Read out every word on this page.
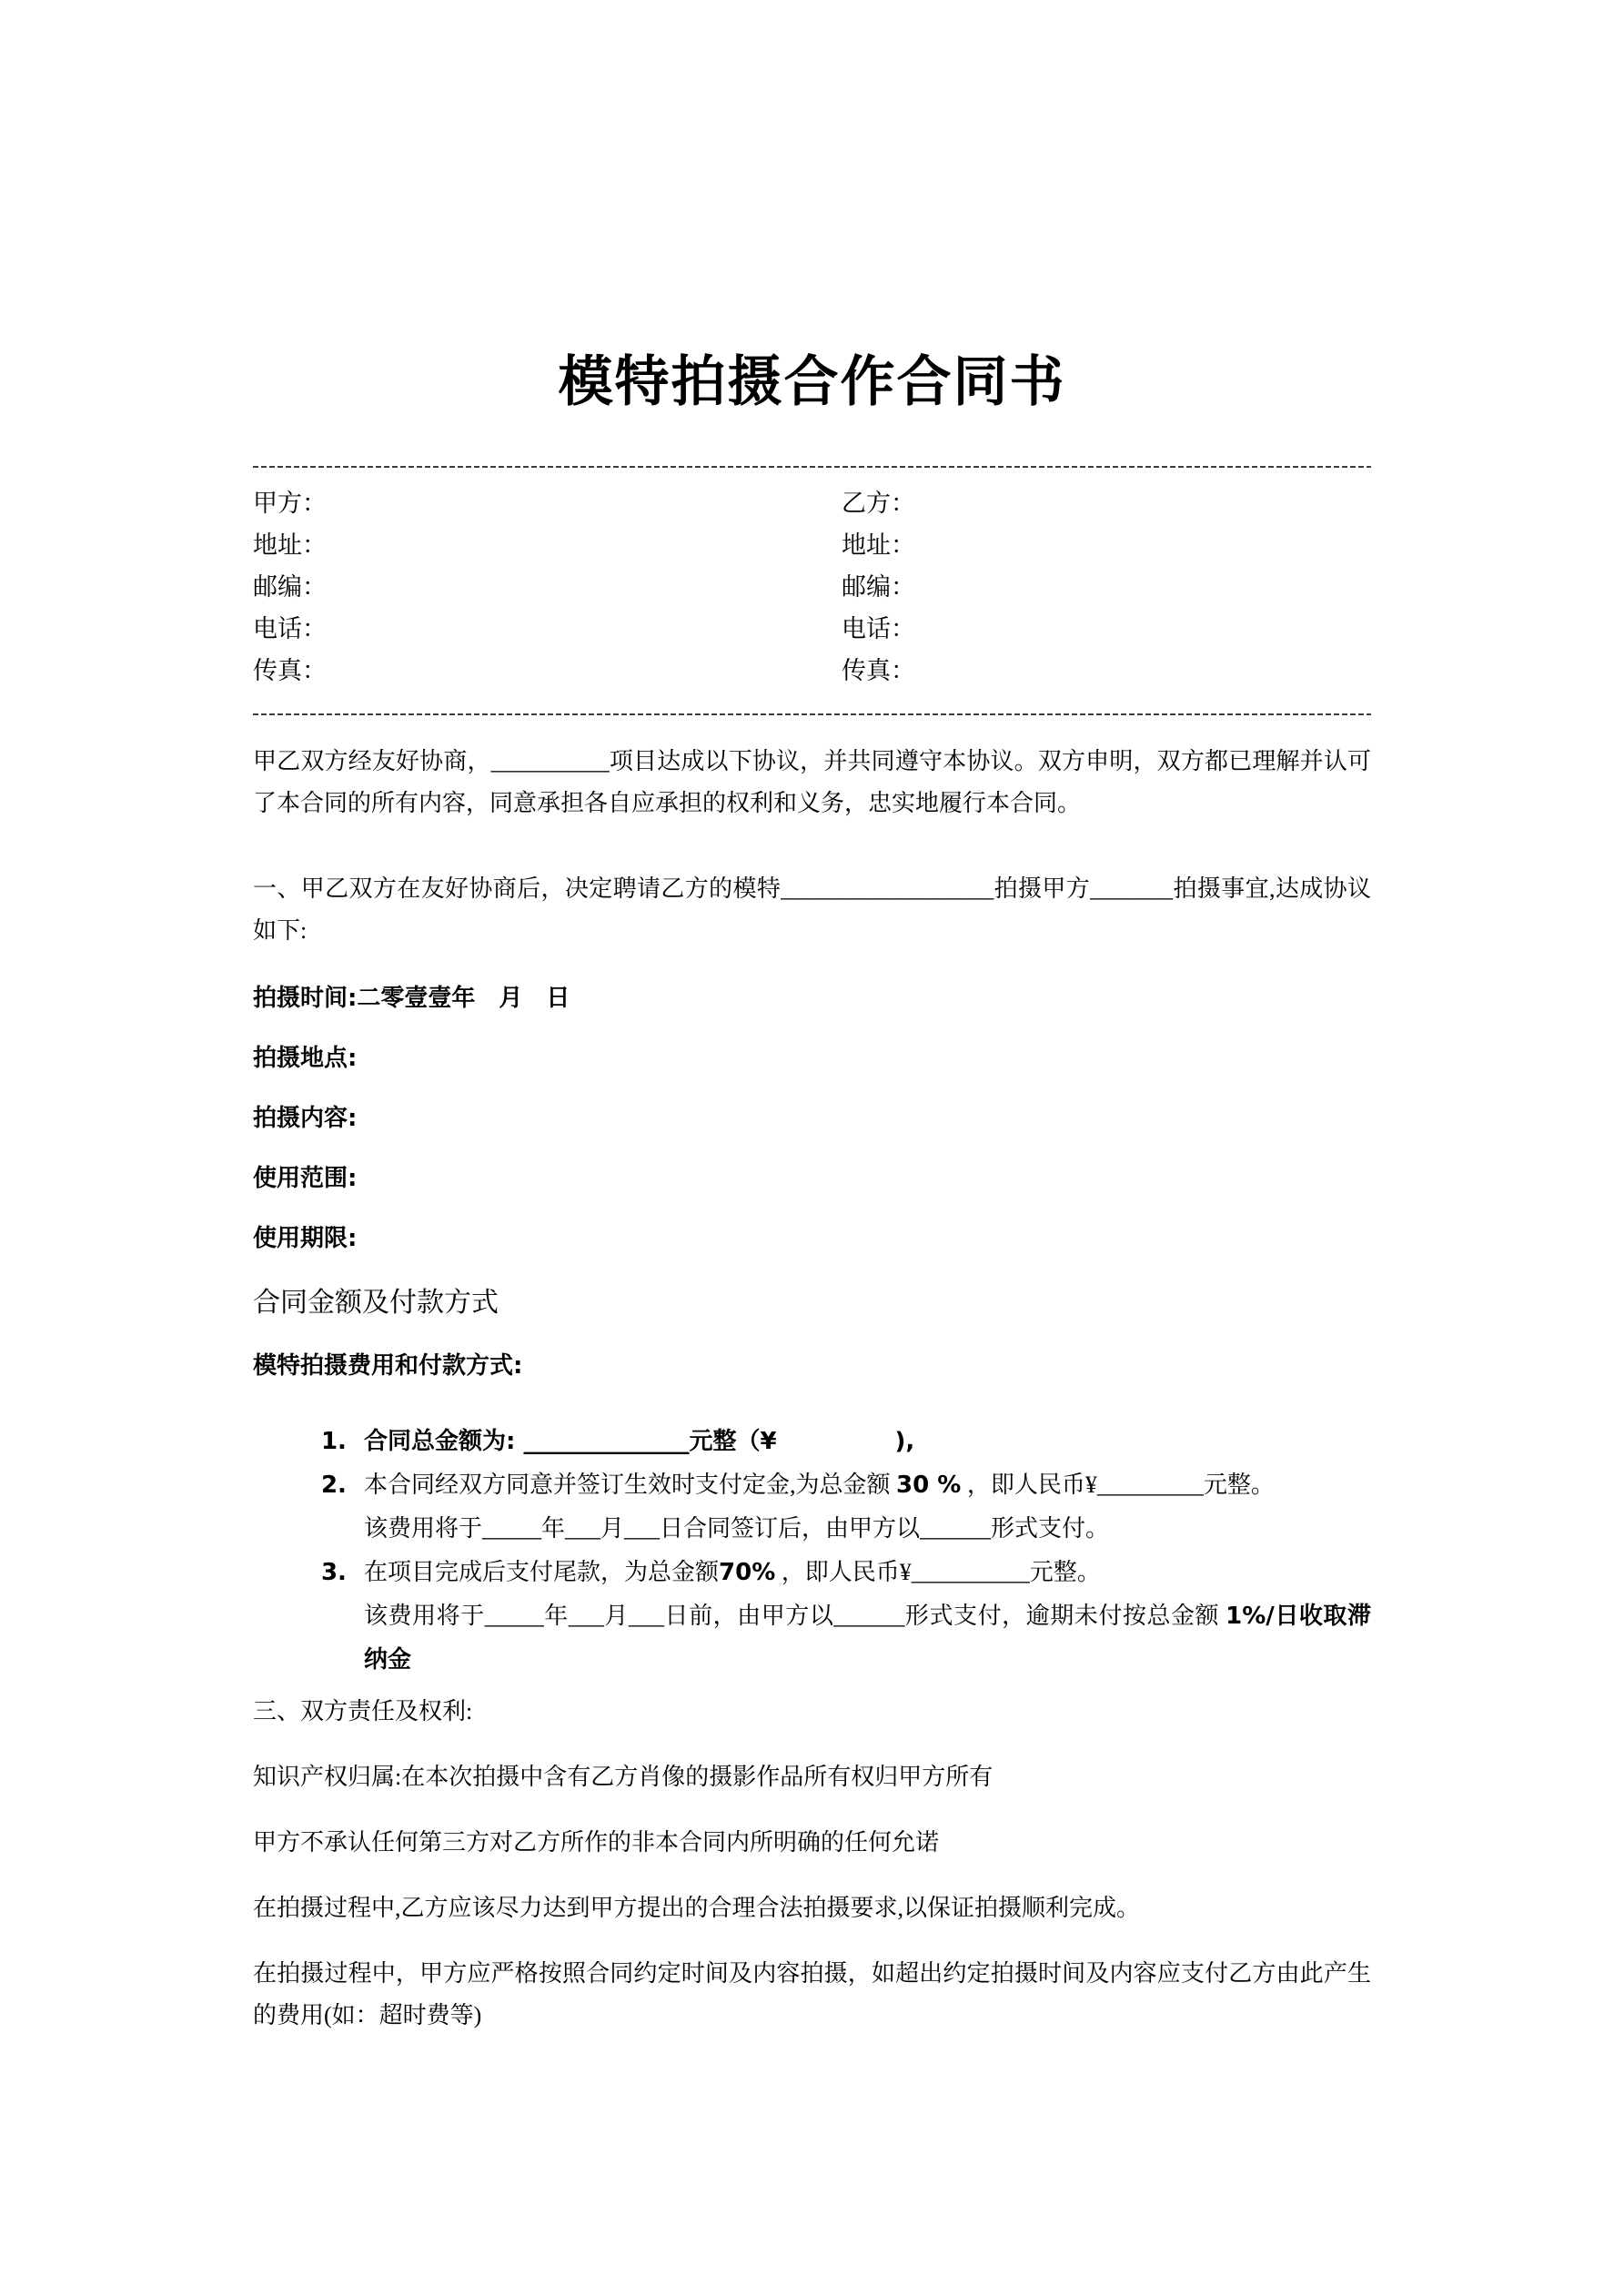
模特拍摄合作合同书
甲方：
地址：
邮编：
电话：
传真：
乙方：
地址：
邮编：
电话：
传真：

甲乙双方经友好协商，__________项目达成以下协议，并共同遵守本协议。双方申明，双方都已理解并认可了本合同的所有内容，同意承担各自应承担的权利和义务，忠实地履行本合同。

一、甲乙双方在友好协商后，决定聘请乙方的模特__________________拍摄甲方_______拍摄事宜,达成协议如下:

拍摄时间:二零壹壹年　月　日

拍摄地点:

拍摄内容:

使用范围:

使用期限:

合同金额及付款方式

模特拍摄费用和付款方式:

1. 合同总金额为: ______________元整（¥　　　　　),
2. 本合同经双方同意并签订生效时支付定金,为总金额 30 % ，即人民币¥_________元整。
该费用将于_____年___月___日合同签订后，由甲方以______形式支付。
3. 在项目完成后支付尾款，为总金额70% ，即人民币¥__________元整。
该费用将于_____年___月___日前，由甲方以______形式支付，逾期未付按总金额 1%/日收取滞纳金

三、双方责任及权利:

知识产权归属:在本次拍摄中含有乙方肖像的摄影作品所有权归甲方所有

甲方不承认任何第三方对乙方所作的非本合同内所明确的任何允诺

在拍摄过程中,乙方应该尽力达到甲方提出的合理合法拍摄要求,以保证拍摄顺利完成。

在拍摄过程中，甲方应严格按照合同约定时间及内容拍摄，如超出约定拍摄时间及内容应支付乙方由此产生的费用(如：超时费等)
